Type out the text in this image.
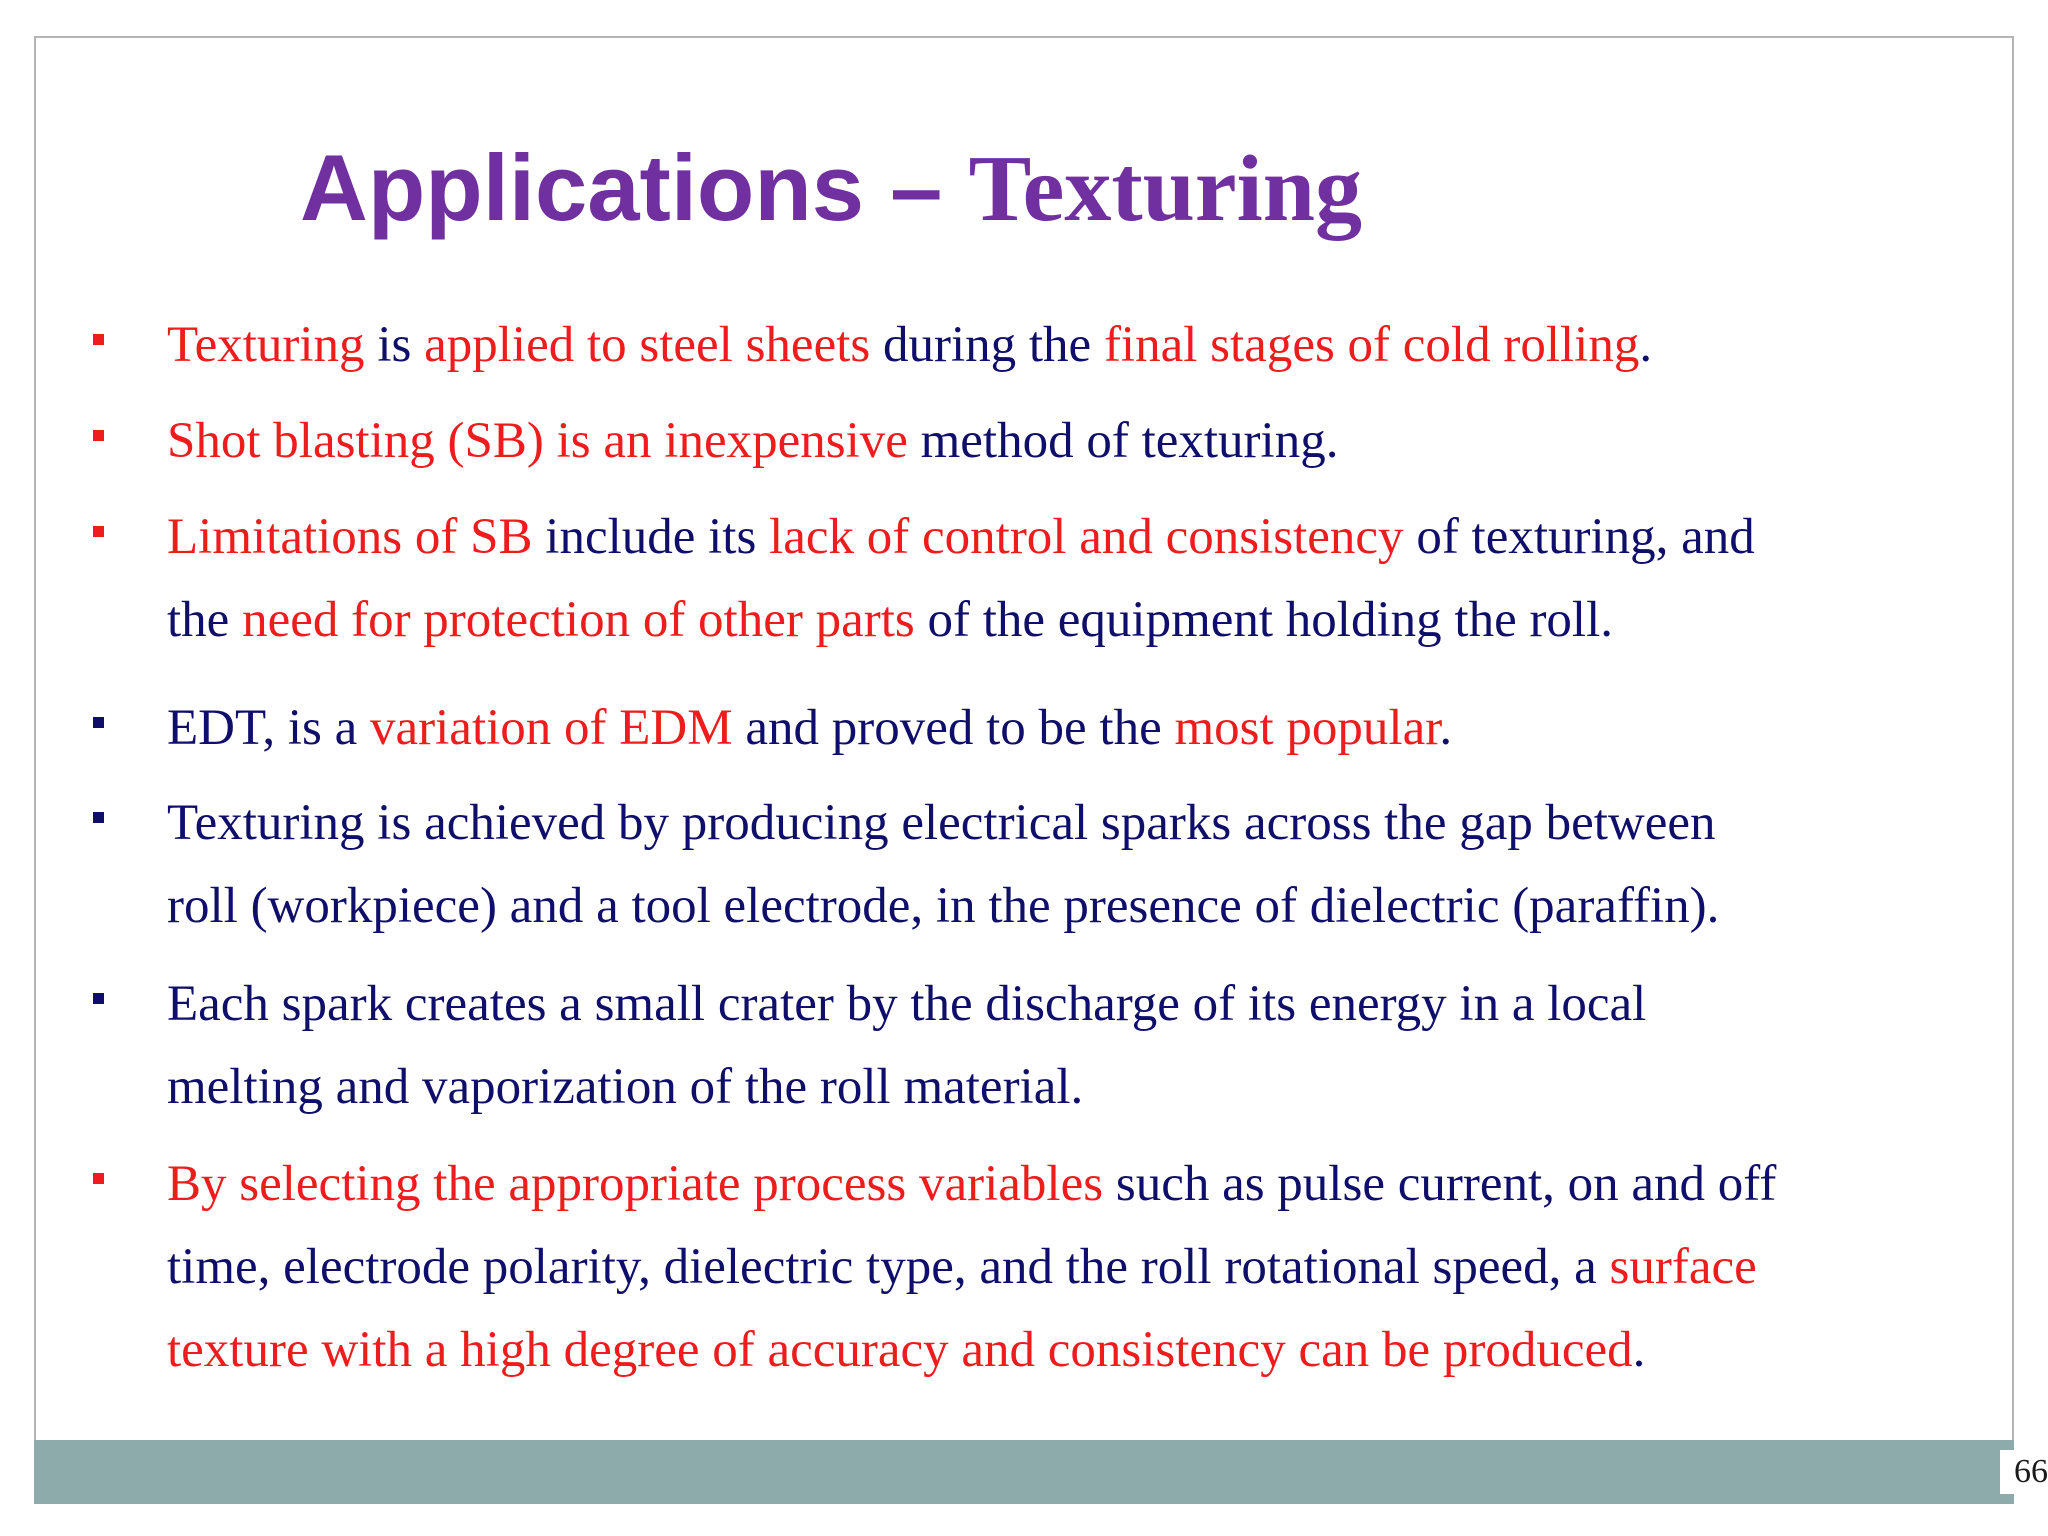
Applications – Texturing

Texturing is applied to steel sheets during the final stages of cold rolling.

Shot blasting (SB) is an inexpensive method of texturing.

Limitations of SB include its lack of control and consistency of texturing, and
the need for protection of other parts of the equipment holding the roll.

EDT, is a variation of EDM and proved to be the most popular.

Texturing is achieved by producing electrical sparks across the gap between
roll (workpiece) and a tool electrode, in the presence of dielectric (paraffin).

Each spark creates a small crater by the discharge of its energy in a local
melting and vaporization of the roll material.

By selecting the appropriate process variables such as pulse current, on and off
time, electrode polarity, dielectric type, and the roll rotational speed, a surface
texture with a high degree of accuracy and consistency can be produced.

66
